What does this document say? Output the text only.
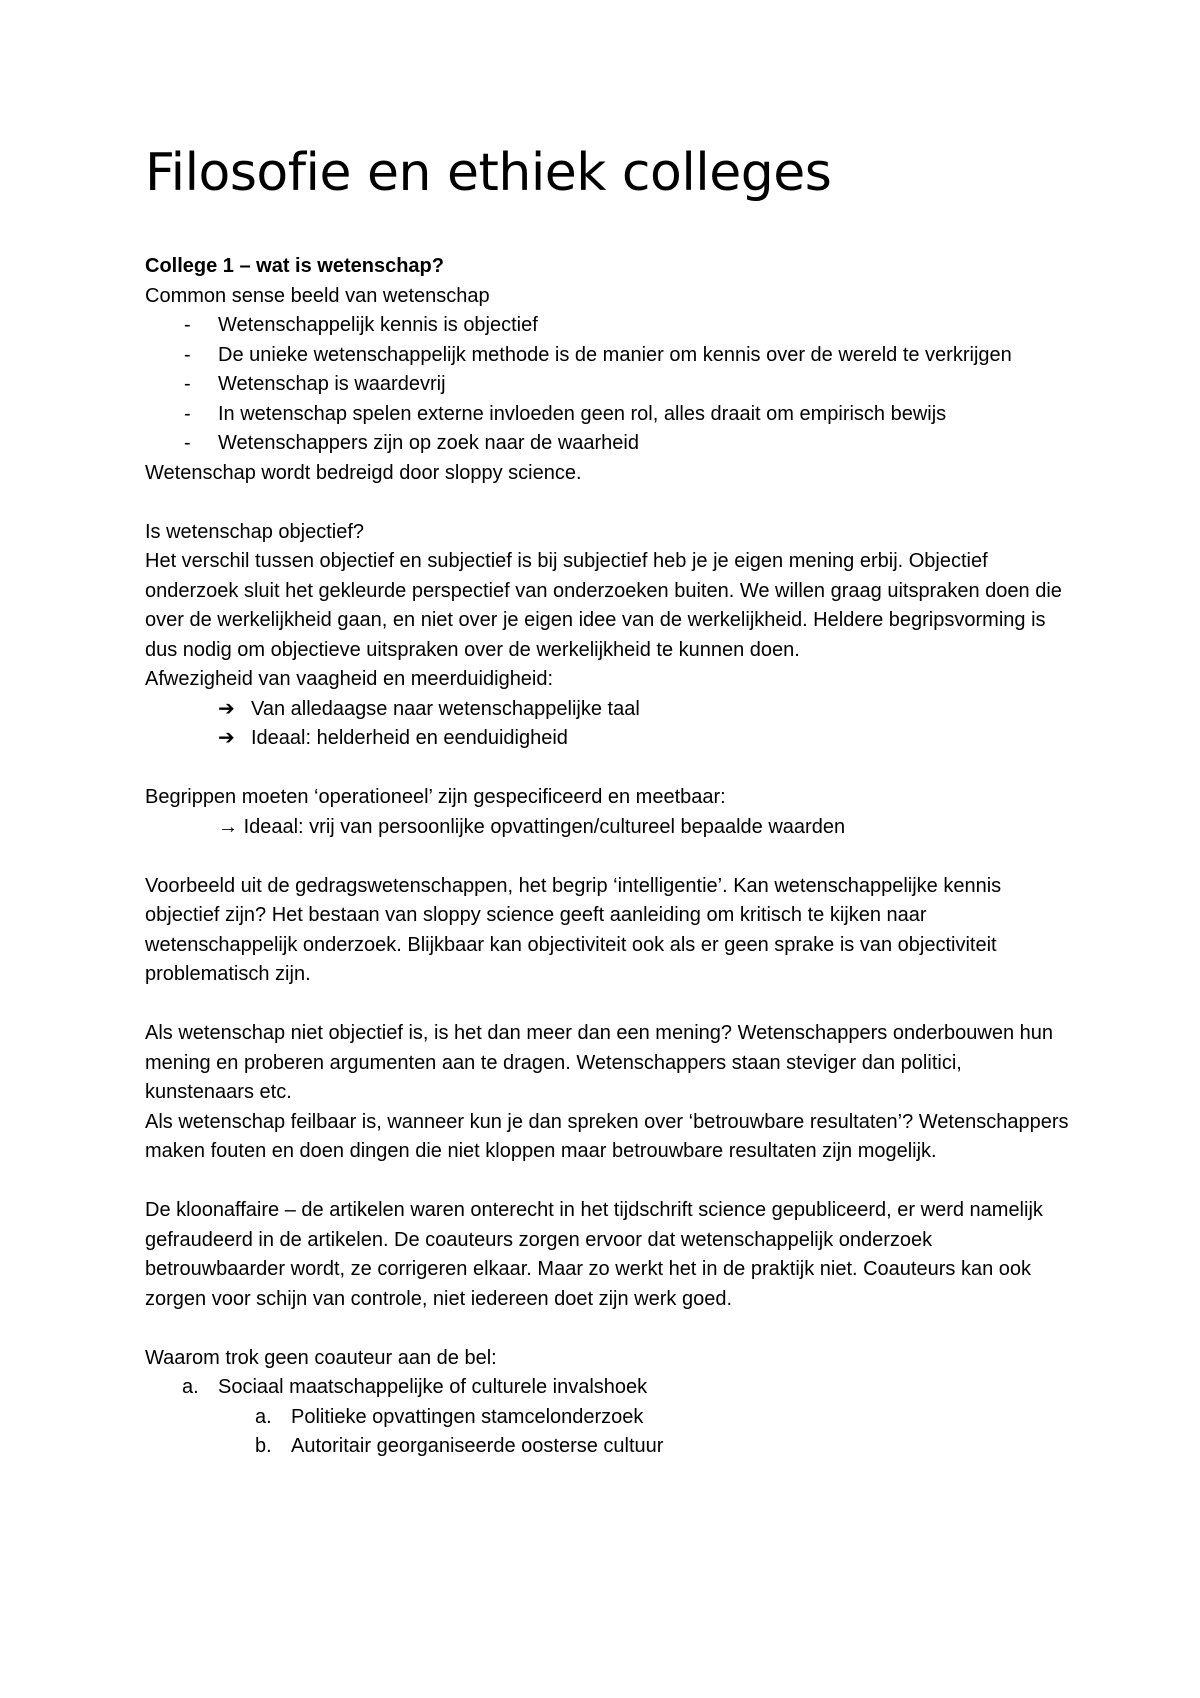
Filosofie en ethiek colleges

College 1 – wat is wetenschap?

Common sense beeld van wetenschap

- Wetenschappelijk kennis is objectief

- De unieke wetenschappelijk methode is de manier om kennis over de wereld te verkrijgen

- Wetenschap is waardevrij

- In wetenschap spelen externe invloeden geen rol, alles draait om empirisch bewijs

- Wetenschappers zijn op zoek naar de waarheid

Wetenschap wordt bedreigd door sloppy science.

Is wetenschap objectief?

Het verschil tussen objectief en subjectief is bij subjectief heb je je eigen mening erbij. Objectief onderzoek sluit het gekleurde perspectief van onderzoeken buiten. We willen graag uitspraken doen die over de werkelijkheid gaan, en niet over je eigen idee van de werkelijkheid. Heldere begripsvorming is dus nodig om objectieve uitspraken over de werkelijkheid te kunnen doen.

Afwezigheid van vaagheid en meerduidigheid:

➔ Van alledaagse naar wetenschappelijke taal

➔ Ideaal: helderheid en eenduidigheid

Begrippen moeten ‘operationeel’ zijn gespecificeerd en meetbaar:

→ Ideaal: vrij van persoonlijke opvattingen/cultureel bepaalde waarden

Voorbeeld uit de gedragswetenschappen, het begrip ‘intelligentie’. Kan wetenschappelijke kennis objectief zijn? Het bestaan van sloppy science geeft aanleiding om kritisch te kijken naar wetenschappelijk onderzoek. Blijkbaar kan objectiviteit ook als er geen sprake is van objectiviteit problematisch zijn.

Als wetenschap niet objectief is, is het dan meer dan een mening? Wetenschappers onderbouwen hun mening en proberen argumenten aan te dragen. Wetenschappers staan steviger dan politici, kunstenaars etc.

Als wetenschap feilbaar is, wanneer kun je dan spreken over ‘betrouwbare resultaten’? Wetenschappers maken fouten en doen dingen die niet kloppen maar betrouwbare resultaten zijn mogelijk.

De kloonaffaire – de artikelen waren onterecht in het tijdschrift science gepubliceerd, er werd namelijk gefraudeerd in de artikelen. De coauteurs zorgen ervoor dat wetenschappelijk onderzoek betrouwbaarder wordt, ze corrigeren elkaar. Maar zo werkt het in de praktijk niet. Coauteurs kan ook zorgen voor schijn van controle, niet iedereen doet zijn werk goed.

Waarom trok geen coauteur aan de bel:

a. Sociaal maatschappelijke of culturele invalshoek

a. Politieke opvattingen stamcelonderzoek

b. Autoritair georganiseerde oosterse cultuur
